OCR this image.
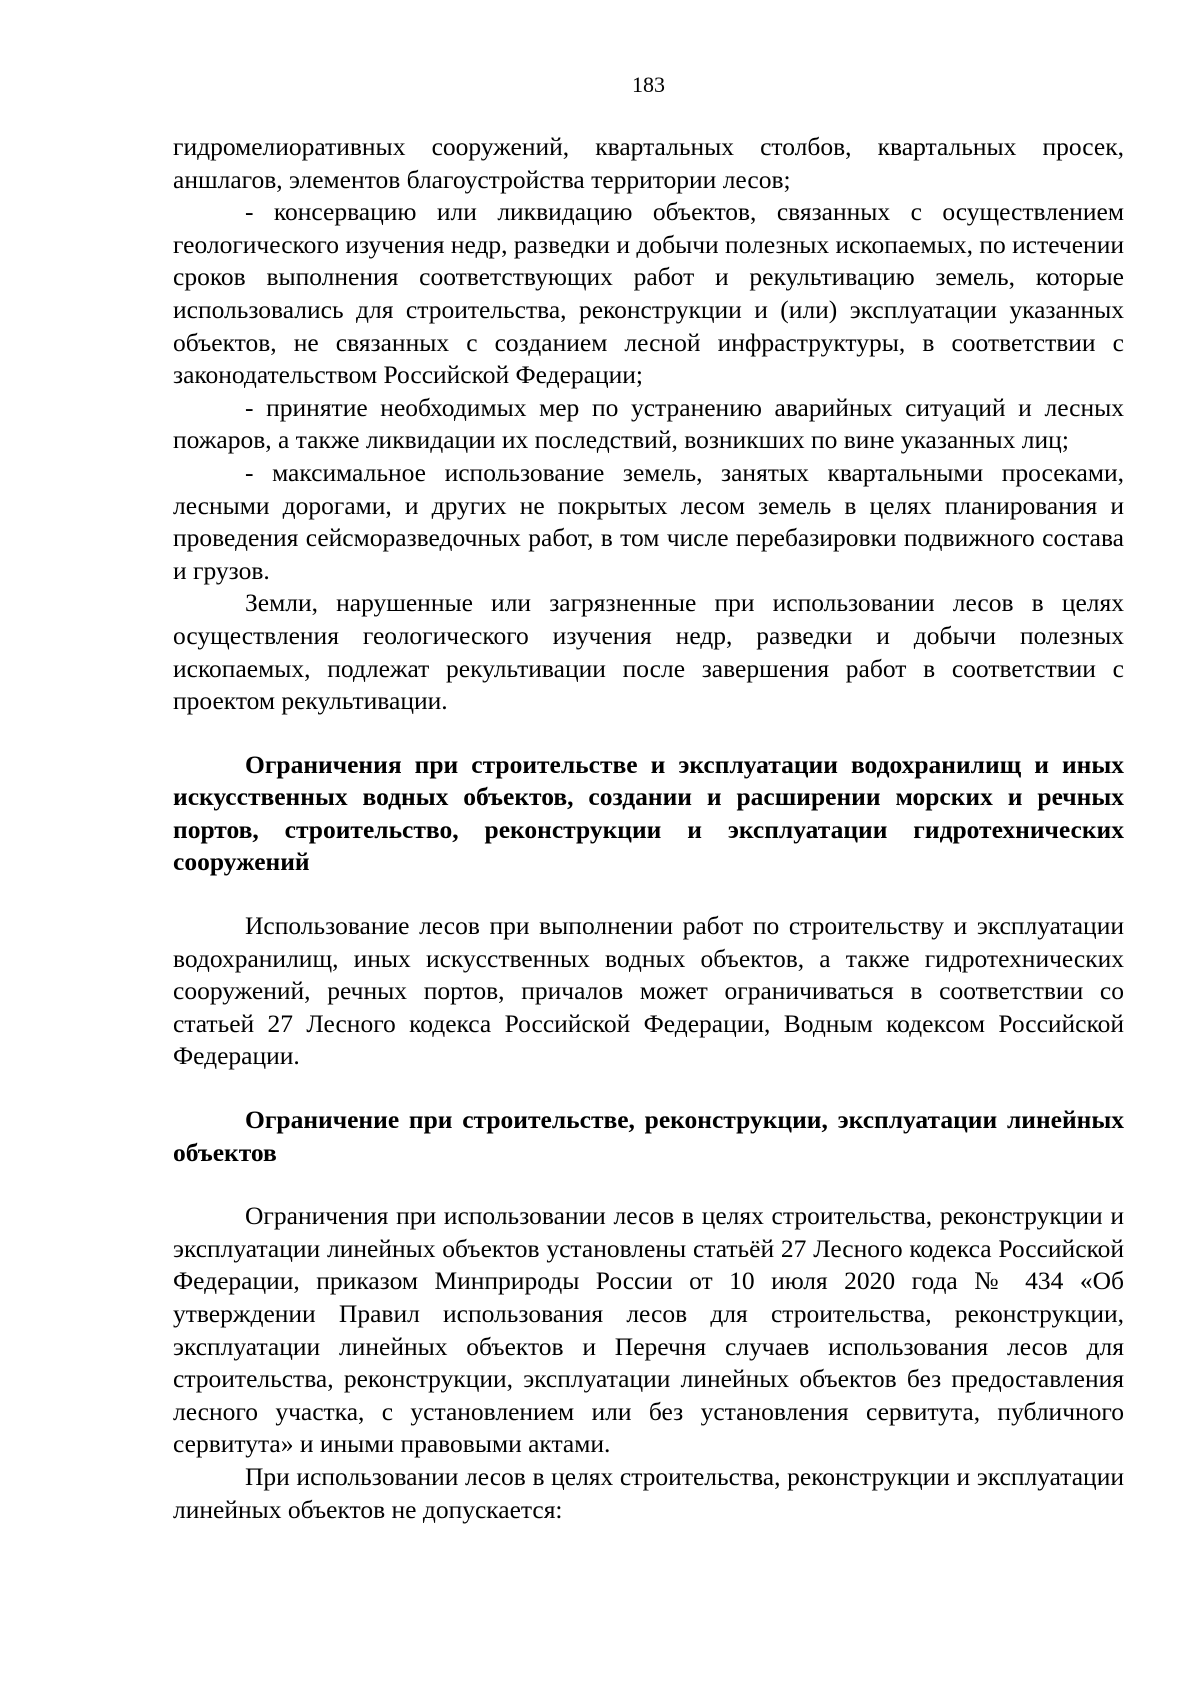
183

гидромелиоративных сооружений, квартальных столбов, квартальных просек, аншлагов, элементов благоустройства территории лесов;

- консервацию или ликвидацию объектов, связанных с осуществлением геологического изучения недр, разведки и добычи полезных ископаемых, по истечении сроков выполнения соответствующих работ и рекультивацию земель, которые использовались для строительства, реконструкции и (или) эксплуатации указанных объектов, не связанных с созданием лесной инфраструктуры, в соответствии с законодательством Российской Федерации;

- принятие необходимых мер по устранению аварийных ситуаций и лесных пожаров, а также ликвидации их последствий, возникших по вине указанных лиц;

- максимальное использование земель, занятых квартальными просеками, лесными дорогами, и других не покрытых лесом земель в целях планирования и проведения сейсморазведочных работ, в том числе перебазировки подвижного состава и грузов.

Земли, нарушенные или загрязненные при использовании лесов в целях осуществления геологического изучения недр, разведки и добычи полезных ископаемых, подлежат рекультивации после завершения работ в соответствии с проектом рекультивации.

Ограничения при строительстве и эксплуатации водохранилищ и иных искусственных водных объектов, создании и расширении морских и речных портов, строительство, реконструкции и эксплуатации гидротехнических сооружений

Использование лесов при выполнении работ по строительству и эксплуатации водохранилищ, иных искусственных водных объектов, а также гидротехнических сооружений, речных портов, причалов может ограничиваться в соответствии со статьей 27 Лесного кодекса Российской Федерации, Водным кодексом Российской Федерации.

Ограничение при строительстве, реконструкции, эксплуатации линейных объектов

Ограничения при использовании лесов в целях строительства, реконструкции и эксплуатации линейных объектов установлены статьёй 27 Лесного кодекса Российской Федерации, приказом Минприроды России от 10 июля 2020 года № 434 «Об утверждении Правил использования лесов для строительства, реконструкции, эксплуатации линейных объектов и Перечня случаев использования лесов для строительства, реконструкции, эксплуатации линейных объектов без предоставления лесного участка, с установлением или без установления сервитута, публичного сервитута» и иными правовыми актами.

При использовании лесов в целях строительства, реконструкции и эксплуатации линейных объектов не допускается:
